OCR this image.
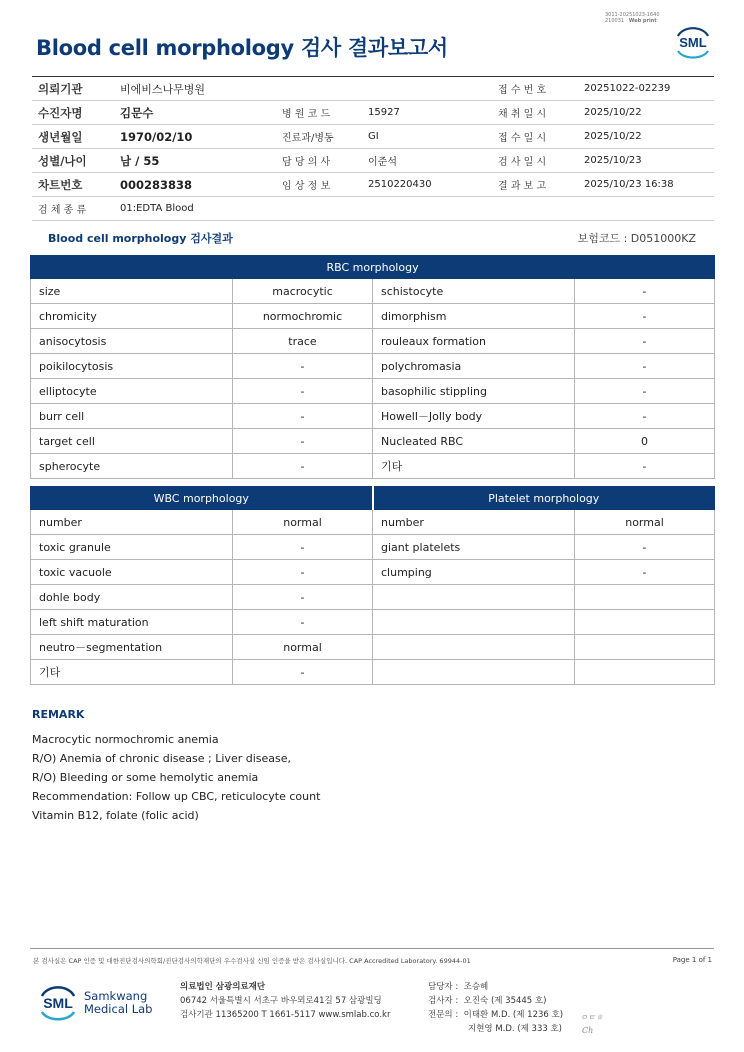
3011-20251023-1640
210031 Web print
Blood cell morphology 검사 결과보고서	SML
의뢰기관	비에비스나무병원			접 수 번 호	20251022-02239
수진자명	김문수	병 원 코 드	15927	채 취 일 시	2025/10/22
생년월일	1970/02/10	진료과/병동	GI	접 수 일 시	2025/10/22
성별/나이	남 / 55	담 당 의 사	이준석	검 사 일 시	2025/10/23
차트번호	000283838	임 상 정 보	2510220430	결 과 보 고	2025/10/23 16:38
검 체 종 류	01:EDTA Blood				
Blood cell morphology 검사결과	보험코드 : D051000KZ
RBC morphology			
size	macrocytic	schistocyte	-
chromicity	normochromic	dimorphism	-
anisocytosis	trace	rouleaux formation	-
poikilocytosis	-	polychromasia	-
elliptocyte	-	basophilic stippling	-
burr cell	-	Howell－Jolly body	-
target cell	-	Nucleated RBC	0
spherocyte	-	기타	-
WBC morphology		Platelet morphology	
number	normal	number	normal
toxic granule	-	giant platelets	-
toxic vacuole	-	clumping	-
dohle body	-		
left shift maturation	-		
neutro－segmentation	normal		
기타	-		
REMARK
Macrocytic normochromic anemia
R/O) Anemia of chronic disease ; Liver disease,
R/O) Bleeding or some hemolytic anemia
Recommendation: Follow up CBC, reticulocyte count
Vitamin B12, folate (folic acid)
본 검사실은 CAP 인증 및 대한진단검사의학회/진단검사의학재단의 우수검사실 신임 인증을 받은 검사실입니다. CAP Accredited Laboratory. 69944-01	Page 1 of 1
SML Samkwang
Medical Lab
의료법인 삼광의료재단
06742 서울특별시 서초구 바우뫼로41길 57 삼광빌딩
검사기관 11365200 T 1661-5117 www.smlab.co.kr
담당자 : 조승혜
검사자 : 오진숙 (제 35445 호)
전문의 : 이태환 M.D. (제 1236 호)
지현영 M.D. (제 333 호)
ㅇㅌㅎ
Ch
